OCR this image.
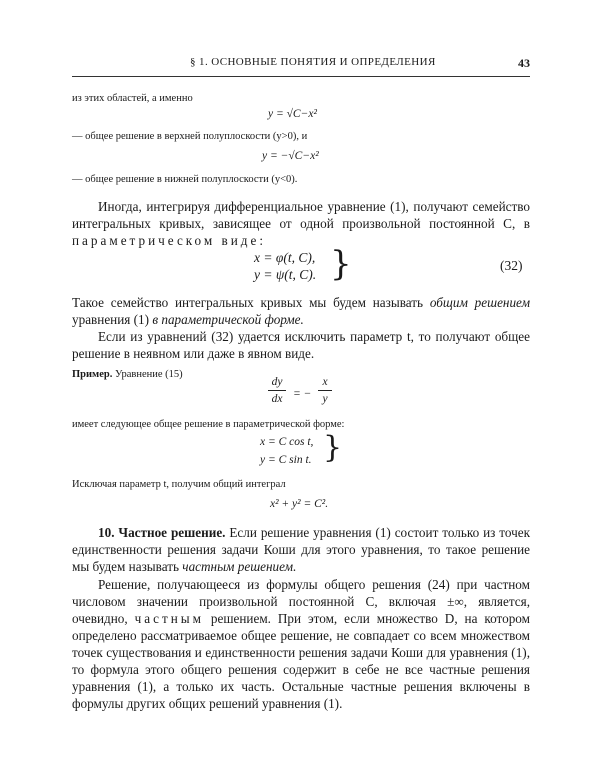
§ 1. ОСНОВНЫЕ ПОНЯТИЯ И ОПРЕДЕЛЕНИЯ	43
из этих областей, а именно
y = √C−x²
— общее решение в верхней полуплоскости (y>0), и
y = −√C−x²
— общее решение в нижней полуплоскости (y<0).
Иногда, интегрируя дифференциальное уравнение (1), получают семейство интегральных кривых, зависящее от одной произвольной постоянной C, в параметрическом виде:
x = φ(t, C),
y = ψ(t, C). }	(32)
Такое семейство интегральных кривых мы будем называть общим решением уравнения (1) в параметрической форме.
Если из уравнений (32) удается исключить параметр t, то получают общее решение в неявном или даже в явном виде.
Пример. Уравнение (15)
dy
dx = −
x
y
имеет следующее общее решение в параметрической форме:
x = C cos t,
y = C sin t. }
Исключая параметр t, получим общий интеграл
x² + y² = C².
10. Частное решение. Если решение уравнения (1) состоит только из точек единственности решения задачи Коши для этого уравнения, то такое решение мы будем называть частным решением.
Решение, получающееся из формулы общего решения (24) при частном числовом значении произвольной постоянной C, включая ±∞, является, очевидно, частным решением. При этом, если множество D, на котором определено рассматриваемое общее решение, не совпадает со всем множеством точек существования и единственности решения задачи Коши для уравнения (1), то формула этого общего решения содержит в себе не все частные решения уравнения (1), а только их часть. Остальные частные решения включены в формулы других общих решений уравнения (1).
